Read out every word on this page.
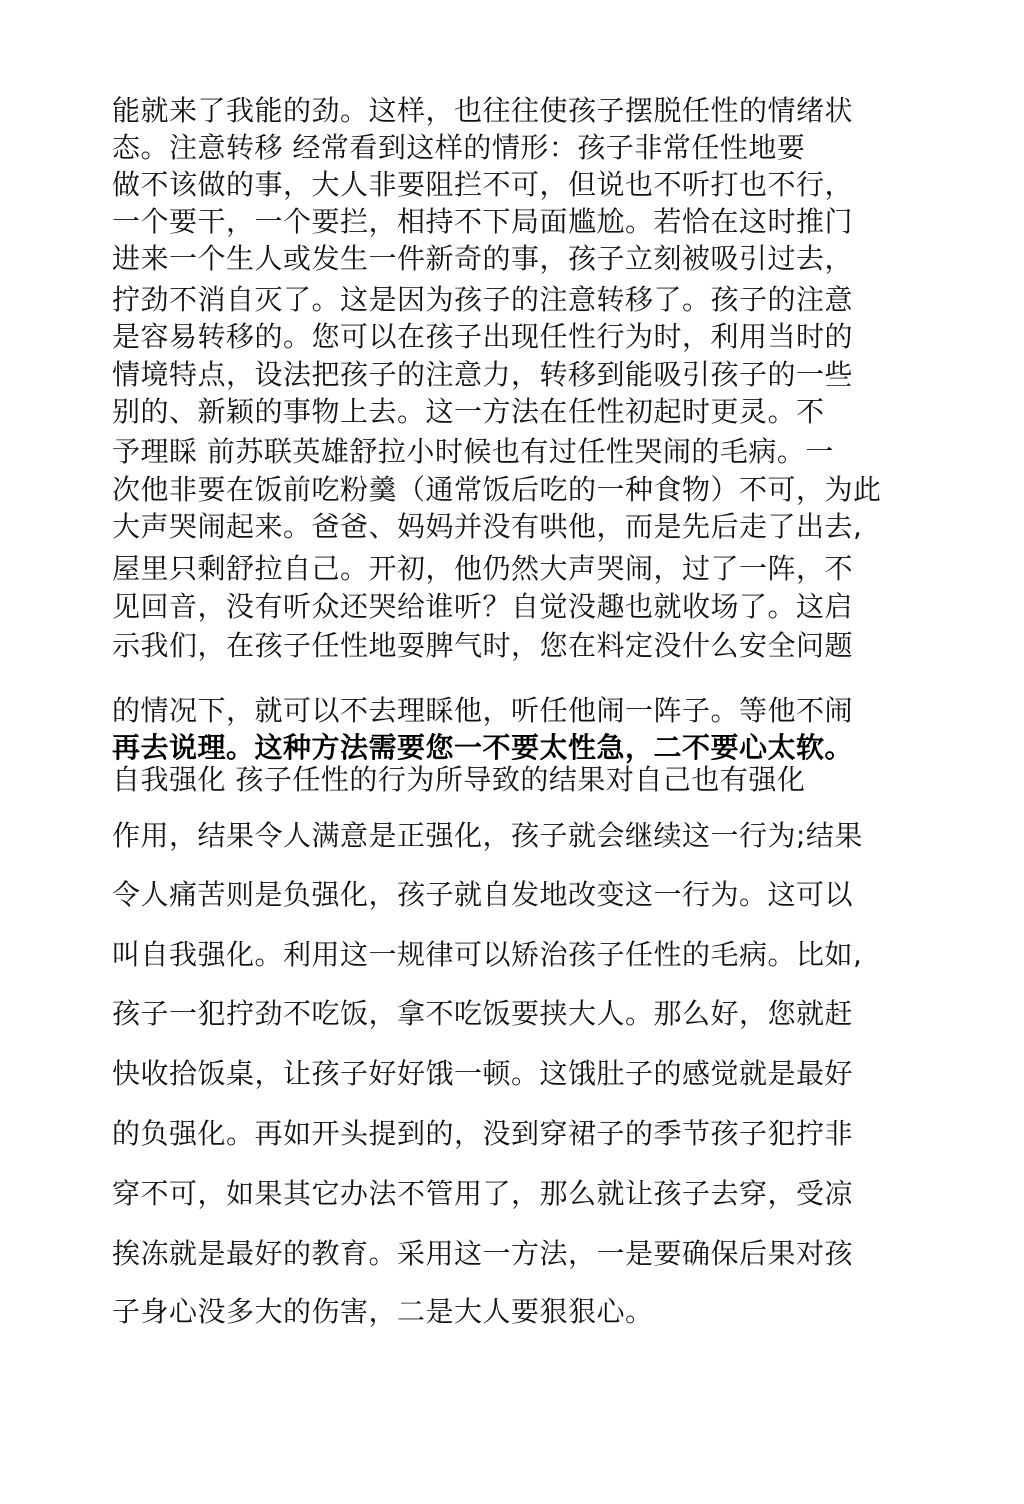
能就来了我能的劲。这样，也往往使孩子摆脱任性的情绪状

态。注意转移 经常看到这样的情形：孩子非常任性地要

做不该做的事，大人非要阻拦不可，但说也不听打也不行，

一个要干，一个要拦，相持不下局面尴尬。若恰在这时推门

进来一个生人或发生一件新奇的事，孩子立刻被吸引过去，

拧劲不消自灭了。这是因为孩子的注意转移了。孩子的注意

是容易转移的。您可以在孩子出现任性行为时，利用当时的

情境特点，设法把孩子的注意力，转移到能吸引孩子的一些

别的、新颖的事物上去。这一方法在任性初起时更灵。不

予理睬 前苏联英雄舒拉小时候也有过任性哭闹的毛病。一

次他非要在饭前吃粉羹（通常饭后吃的一种食物）不可，为此

大声哭闹起来。爸爸、妈妈并没有哄他，而是先后走了出去,

屋里只剩舒拉自己。开初，他仍然大声哭闹，过了一阵，不

见回音，没有听众还哭给谁听？自觉没趣也就收场了。这启

示我们，在孩子任性地耍脾气时，您在料定没什么安全问题

的情况下，就可以不去理睬他，听任他闹一阵子。等他不闹

再去说理。这种方法需要您一不要太性急，二不要心太软。

自我强化 孩子任性的行为所导致的结果对自己也有强化

作用，结果令人满意是正强化，孩子就会继续这一行为;结果

令人痛苦则是负强化，孩子就自发地改变这一行为。这可以

叫自我强化。利用这一规律可以矫治孩子任性的毛病。比如,

孩子一犯拧劲不吃饭，拿不吃饭要挟大人。那么好，您就赶

快收拾饭桌，让孩子好好饿一顿。这饿肚子的感觉就是最好

的负强化。再如开头提到的，没到穿裙子的季节孩子犯拧非

穿不可，如果其它办法不管用了，那么就让孩子去穿，受凉

挨冻就是最好的教育。采用这一方法，一是要确保后果对孩

子身心没多大的伤害，二是大人要狠狠心。
